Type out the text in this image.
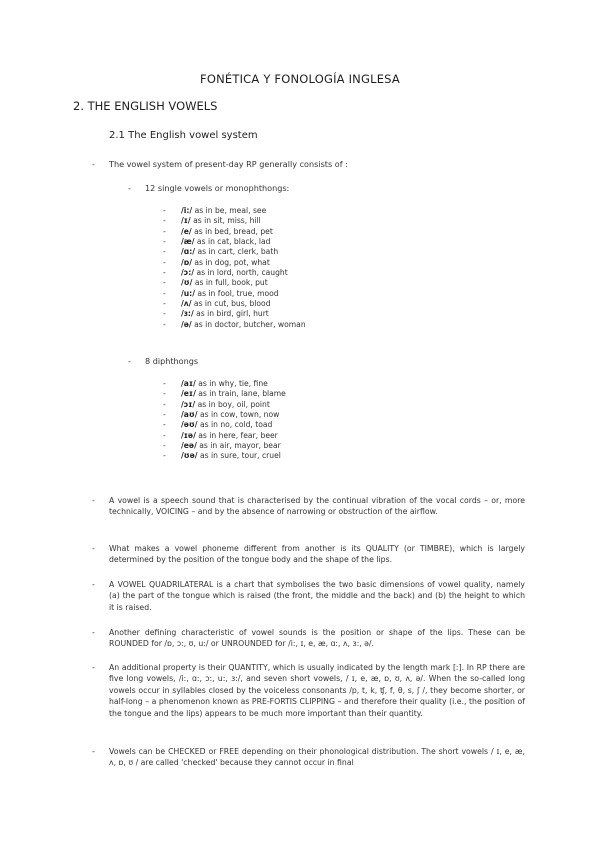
FONÉTICA Y FONOLOGÍA INGLESA
2. THE ENGLISH VOWELS
2.1 The English vowel system
- The vowel system of present-day RP generally consists of :
- 12 single vowels or monophthongs:
- /i:/ as in be, meal, see
- /ɪ/ as in sit, miss, hill
- /e/ as in bed, bread, pet
- /æ/ as in cat, black, lad
- /ɑ:/ as in cart, clerk, bath
- /ɒ/ as in dog, pot, what
- /ɔ:/ as in lord, north, caught
- /ʊ/ as in full, book, put
- /u:/ as in fool, true, mood
- /ʌ/ as in cut, bus, blood
- /ɜ:/ as in bird, girl, hurt
- /ə/ as in doctor, butcher, woman
- 8 diphthongs
- /aɪ/ as in why, tie, fine
- /eɪ/ as in train, lane, blame
- /ɔɪ/ as in boy, oil, point
- /aʊ/ as in cow, town, now
- /əʊ/ as in no, cold, toad
- /ɪə/ as in here, fear, beer
- /eə/ as in air, mayor, bear
- /ʊə/ as in sure, tour, cruel
- A vowel is a speech sound that is characterised by the continual vibration of the vocal cords – or, more technically, VOICING – and by the absence of narrowing or obstruction of the airflow.

- What makes a vowel phoneme different from another is its QUALITY (or TIMBRE), which is largely determined by the position of the tongue body and the shape of the lips.

- A VOWEL QUADRILATERAL is a chart that symbolises the two basic dimensions of vowel quality, namely (a) the part of the tongue which is raised (the front, the middle and the back) and (b) the height to which it is raised.

- Another defining characteristic of vowel sounds is the position or shape of the lips. These can be ROUNDED for /ɒ, ɔ:, ʊ, u:/ or UNROUNDED for /i:, ɪ, e, æ, ɑ:, ʌ, ɜ:, ə/.

- An additional property is their QUANTITY, which is usually indicated by the length mark [ː]. In RP there are five long vowels, /i:, ɑ:, ɔ:, u:, ɜ:/, and seven short vowels, / ɪ, e, æ, ɒ, ʊ, ʌ, ə/. When the so-called long vowels occur in syllables closed by the voiceless consonants /p, t, k, ʧ, f, θ, s, ʃ /, they become shorter, or half-long – a phenomenon known as PRE-FORTIS CLIPPING – and therefore their quality (i.e., the position of the tongue and the lips) appears to be much more important than their quantity.

- Vowels can be CHECKED or FREE depending on their phonological distribution. The short vowels / ɪ, e, æ, ʌ, ɒ, ʊ / are called 'checked' because they cannot occur in final
